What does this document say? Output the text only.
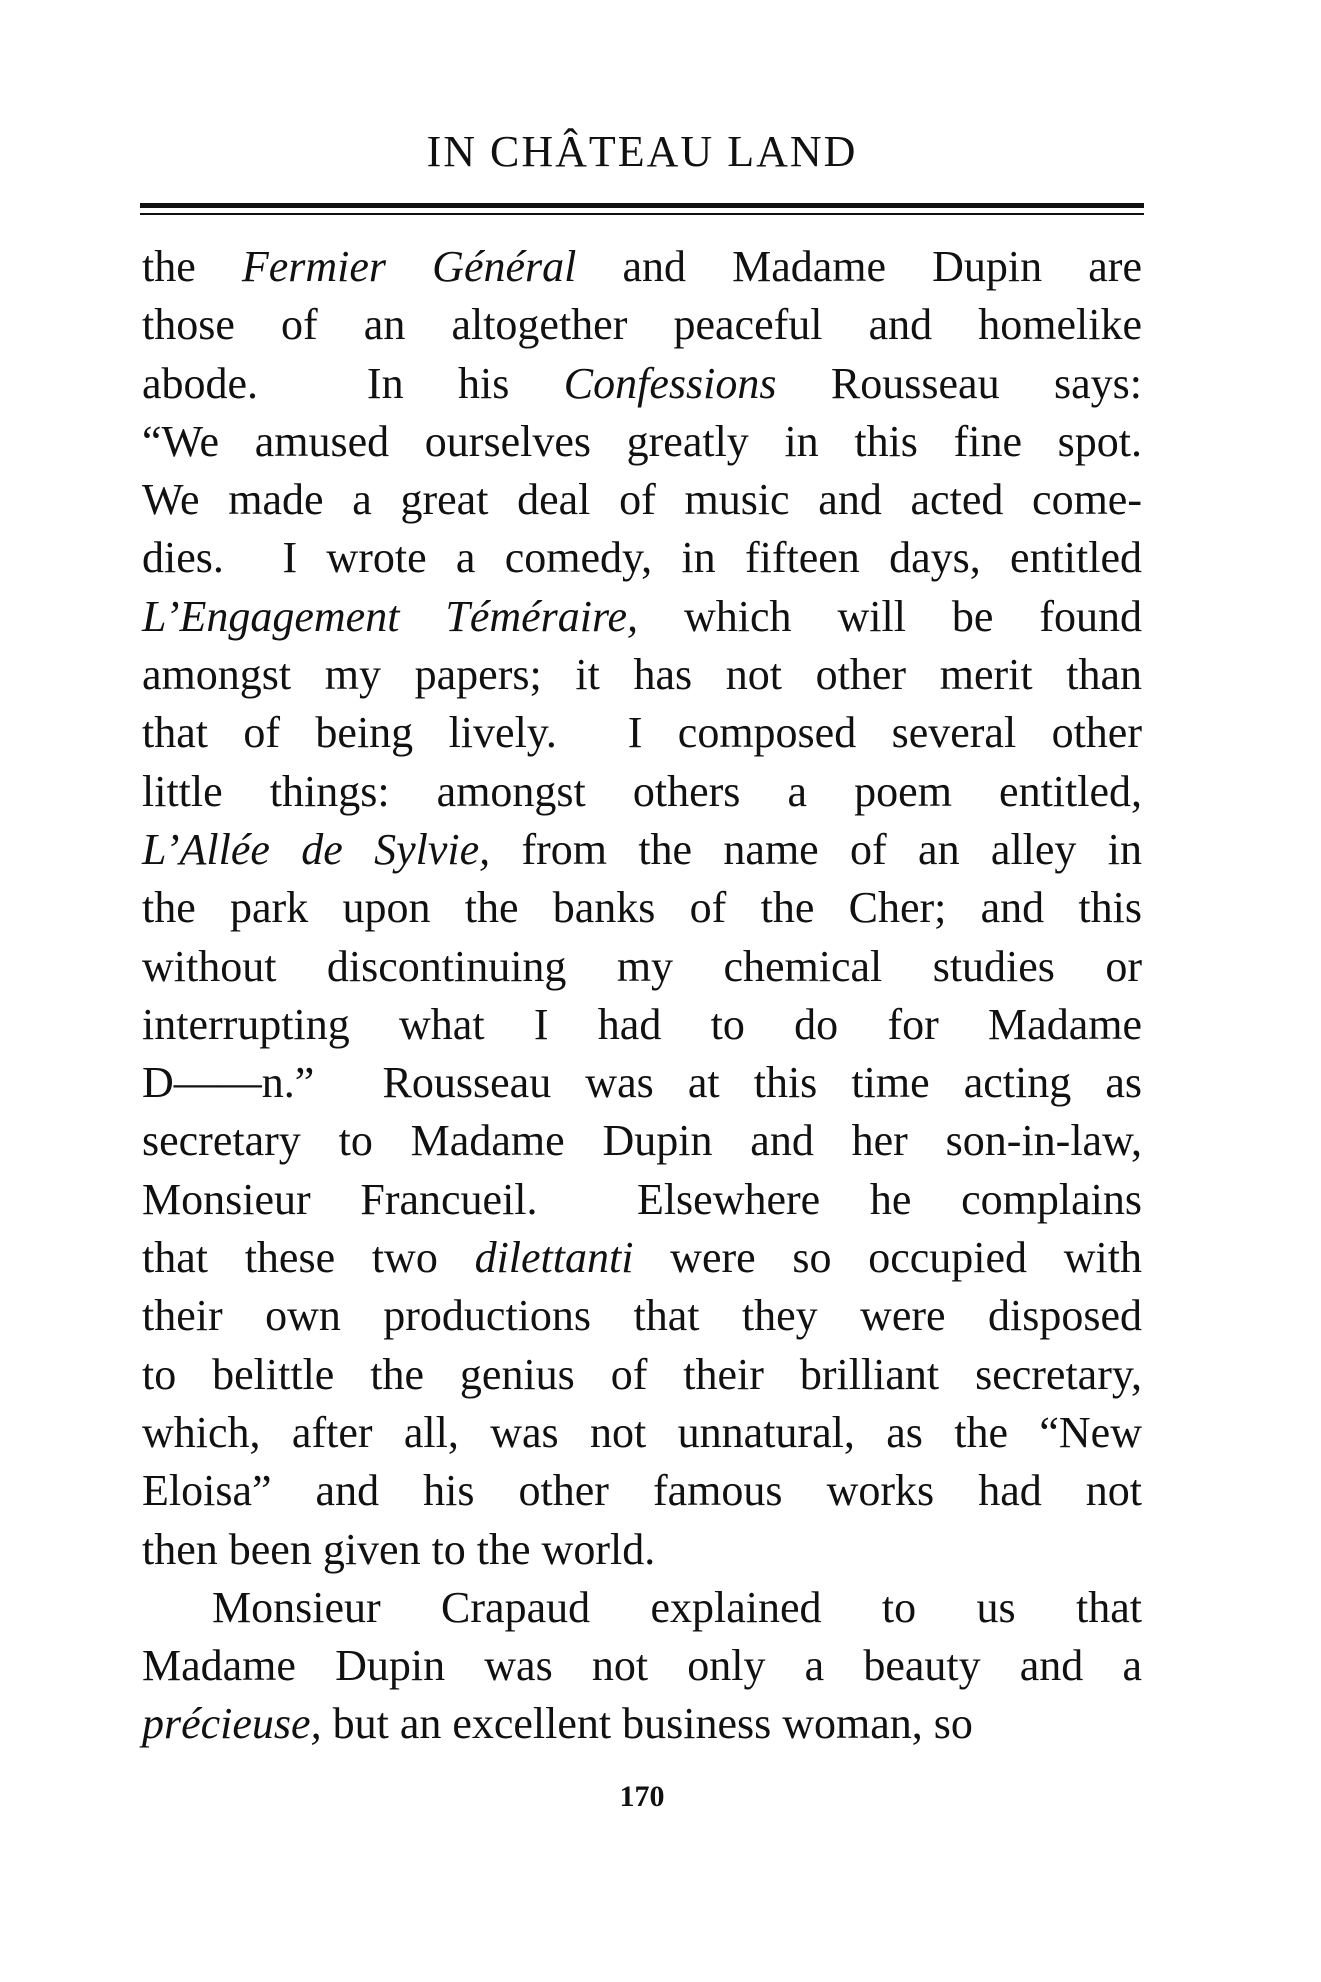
IN CHÂTEAU LAND
the Fermier Général and Madame Dupin are
those of an altogether peaceful and homelike
abode.  In his Confessions Rousseau says:
“We amused ourselves greatly in this fine spot.
We made a great deal of music and acted come-
dies.  I wrote a comedy, in fifteen days, entitled
L’Engagement Téméraire, which will be found
amongst my papers; it has not other merit than
that of being lively.  I composed several other
little things: amongst others a poem entitled,
L’Allée de Sylvie, from the name of an alley in
the park upon the banks of the Cher; and this
without discontinuing my chemical studies or
interrupting what I had to do for Madame
D——n.”  Rousseau was at this time acting as
secretary to Madame Dupin and her son-in-law,
Monsieur Francueil.  Elsewhere he complains
that these two dilettanti were so occupied with
their own productions that they were disposed
to belittle the genius of their brilliant secretary,
which, after all, was not unnatural, as the “New
Eloisa” and his other famous works had not
then been given to the world.
Monsieur Crapaud explained to us that
Madame Dupin was not only a beauty and a
précieuse, but an excellent business woman, so
170
